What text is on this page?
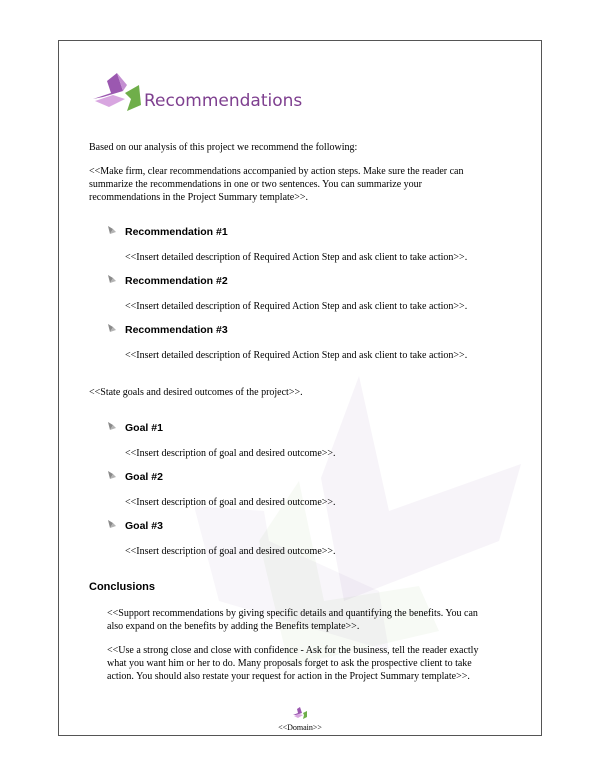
Recommendations
Based on our analysis of this project we recommend the following:
<<Make firm, clear recommendations accompanied by action steps. Make sure the reader can
summarize the recommendations in one or two sentences. You can summarize your
recommendations in the Project Summary template>>.
Recommendation #1
<<Insert detailed description of Required Action Step and ask client to take action>>.
Recommendation #2
<<Insert detailed description of Required Action Step and ask client to take action>>.
Recommendation #3
<<Insert detailed description of Required Action Step and ask client to take action>>.
<<State goals and desired outcomes of the project>>.
Goal #1
<<Insert description of goal and desired outcome>>.
Goal #2
<<Insert description of goal and desired outcome>>.
Goal #3
<<Insert description of goal and desired outcome>>.
Conclusions
<<Support recommendations by giving specific details and quantifying the benefits. You can
also expand on the benefits by adding the Benefits template>>.
<<Use a strong close and close with confidence - Ask for the business, tell the reader exactly
what you want him or her to do. Many proposals forget to ask the prospective client to take
action. You should also restate your request for action in the Project Summary template>>.
<<Domain>>
